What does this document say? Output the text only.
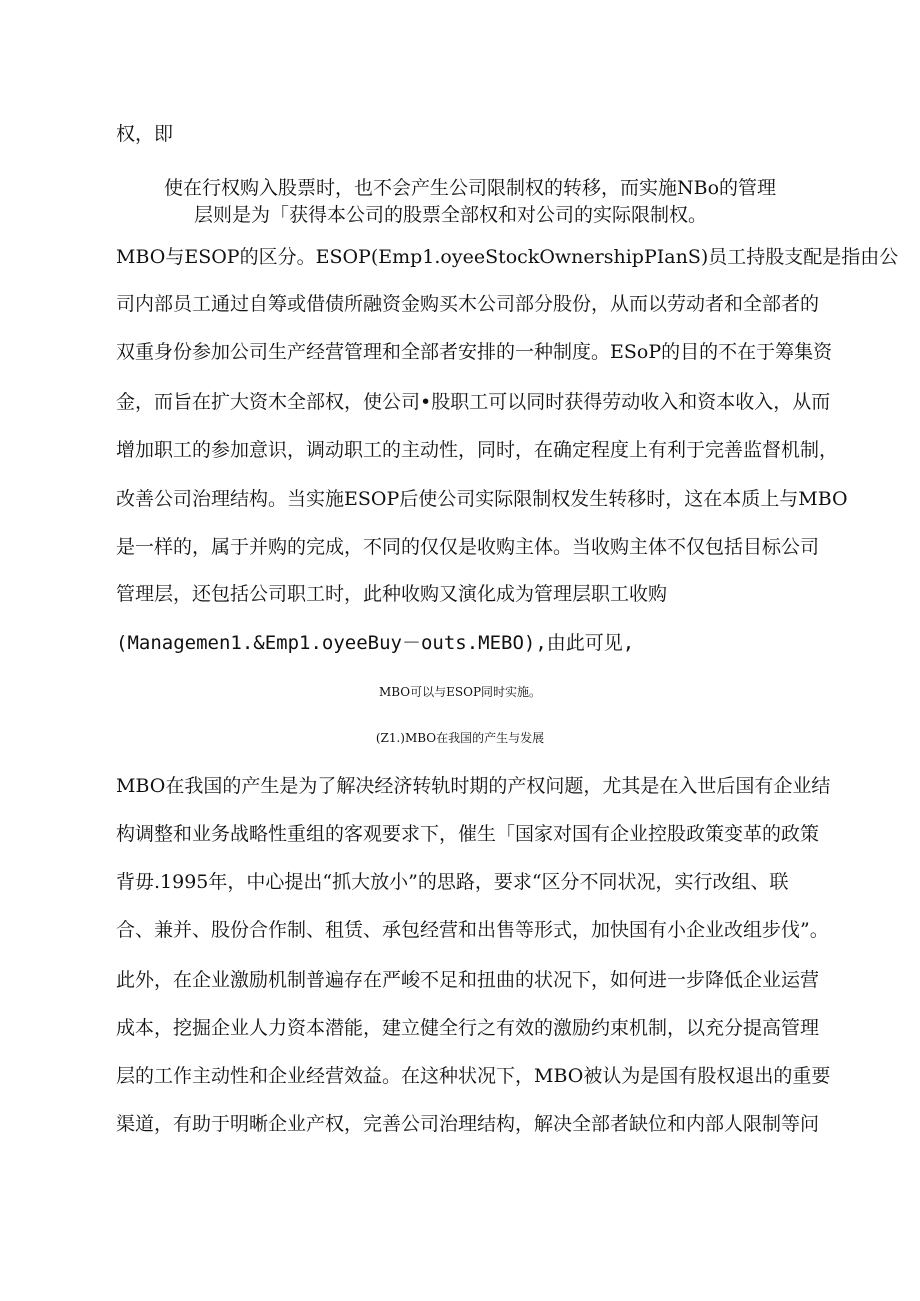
权，即
使在行权购入股票时，也不会产生公司限制权的转移，而实施NBo的管理
层则是为「获得本公司的股票全部权和对公司的实际限制权。
MBO与ESOP的区分。ESOP(Emp1.oyeeStockOwnershipPIanS)员工持股支配是指由公
司内部员工通过自筹或借债所融资金购买木公司部分股份，从而以劳动者和全部者的
双重身份参加公司生产经营管理和全部者安排的一种制度。ESoP的目的不在于筹集资
金，而旨在扩大资木全部权，使公司•股职工可以同时获得劳动收入和资本收入，从而
增加职工的参加意识，调动职工的主动性，同时，在确定程度上有利于完善监督机制，
改善公司治理结构。当实施ESOP后使公司实际限制权发生转移时，这在本质上与MBO
是一样的，属于并购的完成，不同的仅仅是收购主体。当收购主体不仅包括目标公司
管理层，还包括公司职工时，此种收购又演化成为管理层职工收购
(Managemen1.&Emp1.oyeeBuy－outs.MEBO),由此可见,
MBO可以与ESOP同时实施。
(Z1.)MBO在我国的产生与发展
MBO在我国的产生是为了解决经济转轨时期的产权问题，尤其是在入世后国有企业结
构调整和业务战略性重组的客观要求下，催生「国家对国有企业控股政策变革的政策
背毋.1995年，中心提出“抓大放小”的思路，要求“区分不同状况，实行改组、联
合、兼并、股份合作制、租赁、承包经营和出售等形式，加快国有小企业改组步伐”。
此外，在企业激励机制普遍存在严峻不足和扭曲的状况下，如何进一步降低企业运营
成本，挖掘企业人力资本潜能，建立健全行之有效的激励约束机制，以充分提高管理
层的工作主动性和企业经营效益。在这种状况下，MBO被认为是国有股权退出的重要
渠道，有助于明晰企业产权，完善公司治理结构，解决全部者缺位和内部人限制等问
